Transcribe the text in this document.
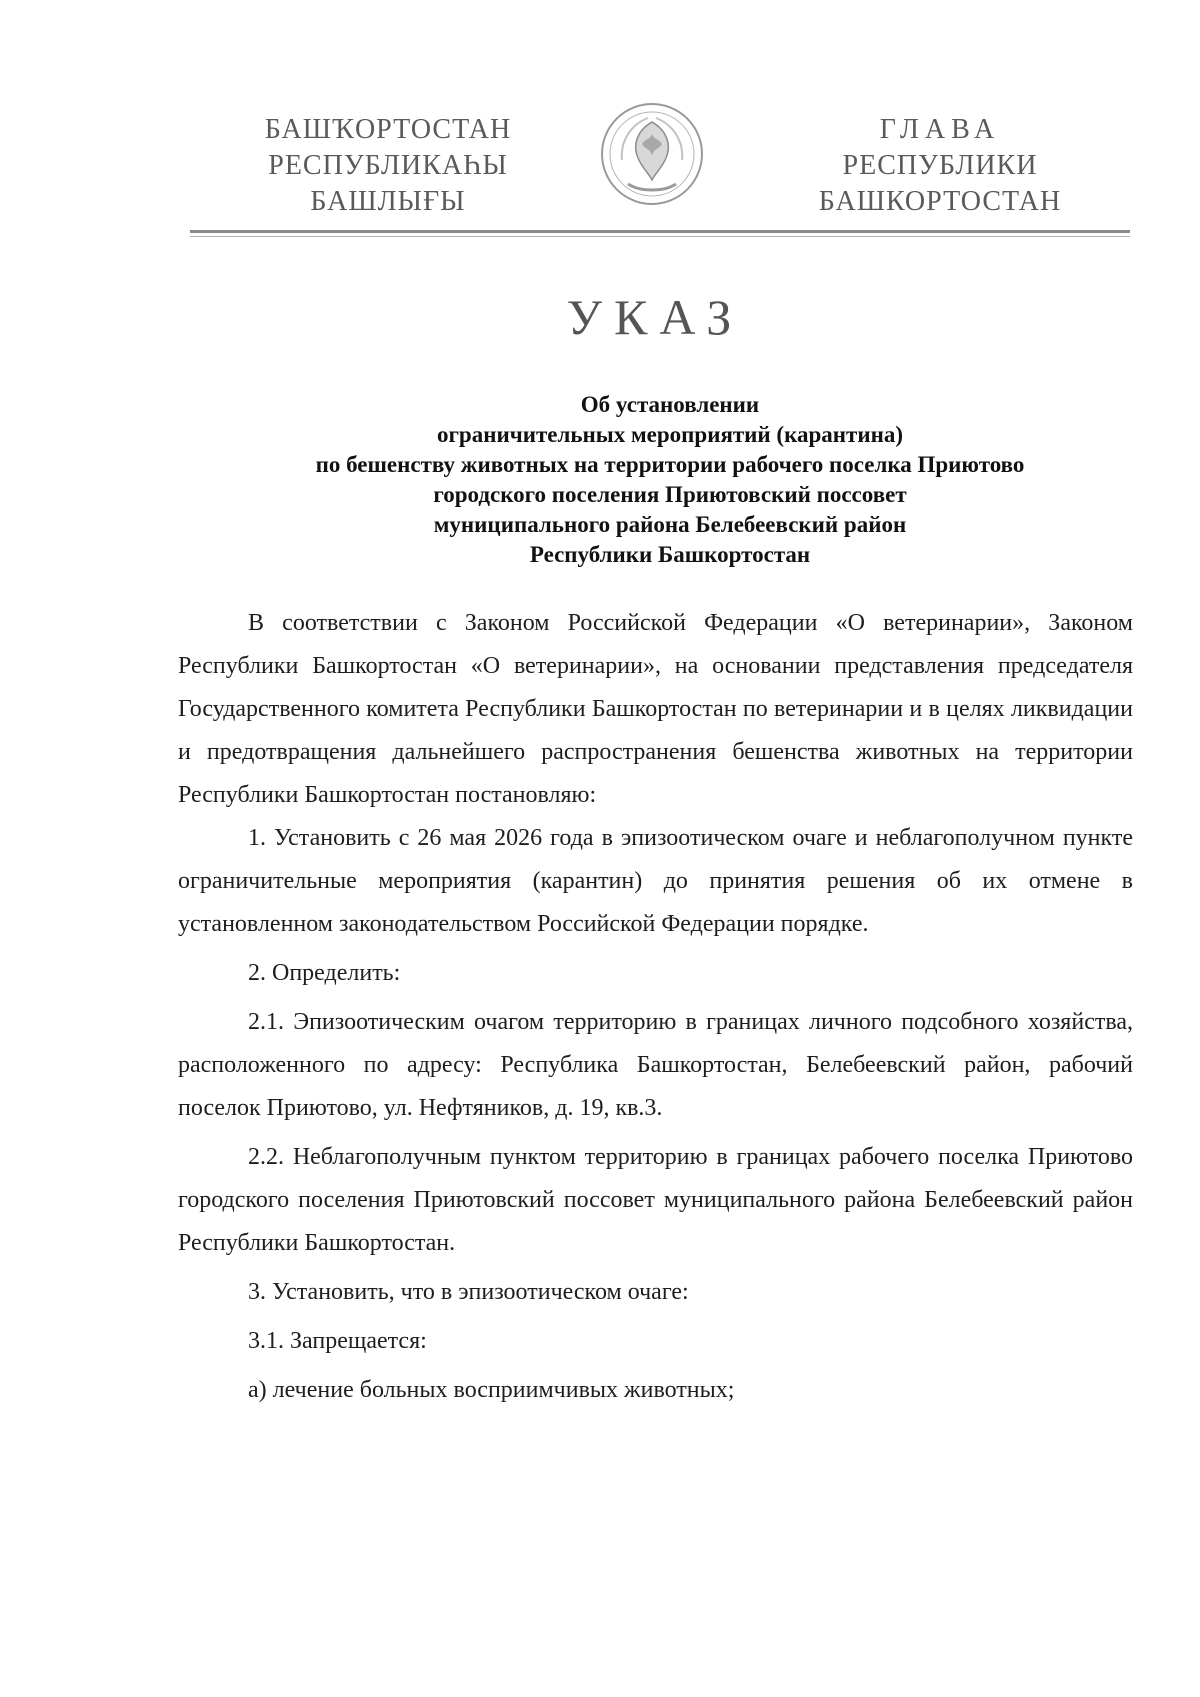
БАШҠОРТОСТАН
РЕСПУБЛИКАҺЫ
БАШЛЫҒЫ
ГЛАВА
РЕСПУБЛИКИ
БАШКОРТОСТАН
УКАЗ
Об установлении
ограничительных мероприятий (карантина)
по бешенству животных на территории рабочего поселка Приютово
городского поселения Приютовский поссовет
муниципального района Белебеевский район
Республики Башкортостан

В соответствии с Законом Российской Федерации «О ветеринарии», Законом Республики Башкортостан «О ветеринарии», на основании представления председателя Государственного комитета Республики Башкортостан по ветеринарии и в целях ликвидации и предотвращения дальнейшего распространения бешенства животных на территории Республики Башкортостан постановляю:

1. Установить с 26 мая 2026 года в эпизоотическом очаге и неблагополучном пункте ограничительные мероприятия (карантин) до принятия решения об их отмене в установленном законодательством Российской Федерации порядке.

2. Определить:

2.1. Эпизоотическим очагом территорию в границах личного подсобного хозяйства, расположенного по адресу: Республика Башкортостан, Белебеевский район, рабочий поселок Приютово, ул. Нефтяников, д. 19, кв.3.

2.2. Неблагополучным пунктом территорию в границах рабочего поселка Приютово городского поселения Приютовский поссовет муниципального района Белебеевский район Республики Башкортостан.

3. Установить, что в эпизоотическом очаге:

3.1. Запрещается:

а) лечение больных восприимчивых животных;
